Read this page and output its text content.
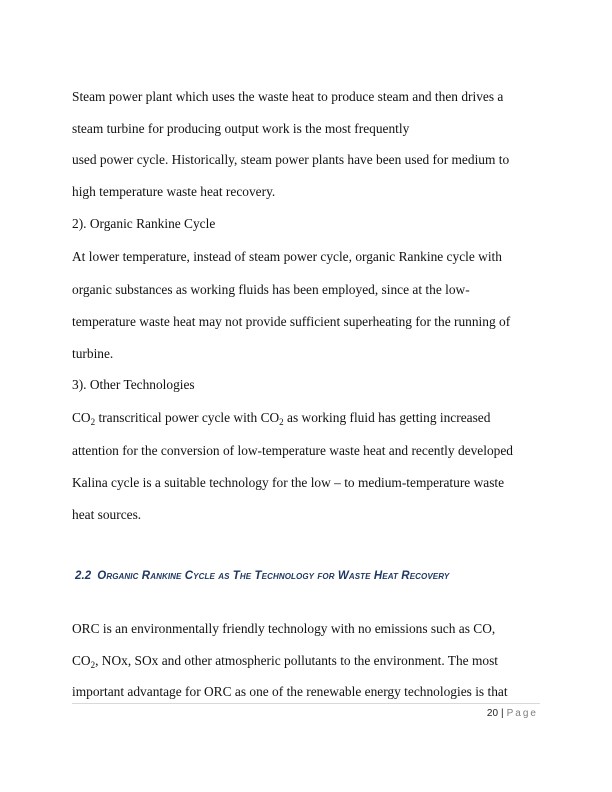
Steam power plant which uses the waste heat to produce steam and then drives a
steam turbine for producing output work is the most frequently
used power cycle. Historically, steam power plants have been used for medium to
high temperature waste heat recovery.
2). Organic Rankine Cycle
At lower temperature, instead of steam power cycle, organic Rankine cycle with
organic substances as working fluids has been employed, since at the low-
temperature waste heat may not provide sufficient superheating for the running of
turbine.
3). Other Technologies
$CO_2$ transcritical power cycle with $CO_2$ as working fluid has getting increased
attention for the conversion of low-temperature waste heat and recently developed
Kalina cycle is a suitable technology for the low – to medium-temperature waste
heat sources.
2.2 Organic Rankine Cycle as The Technology for Waste Heat Recovery
ORC is an environmentally friendly technology with no emissions such as CO,
$CO_2$, NOx, SOx and other atmospheric pollutants to the environment. The most
important advantage for ORC as one of the renewable energy technologies is that
20 | Page
